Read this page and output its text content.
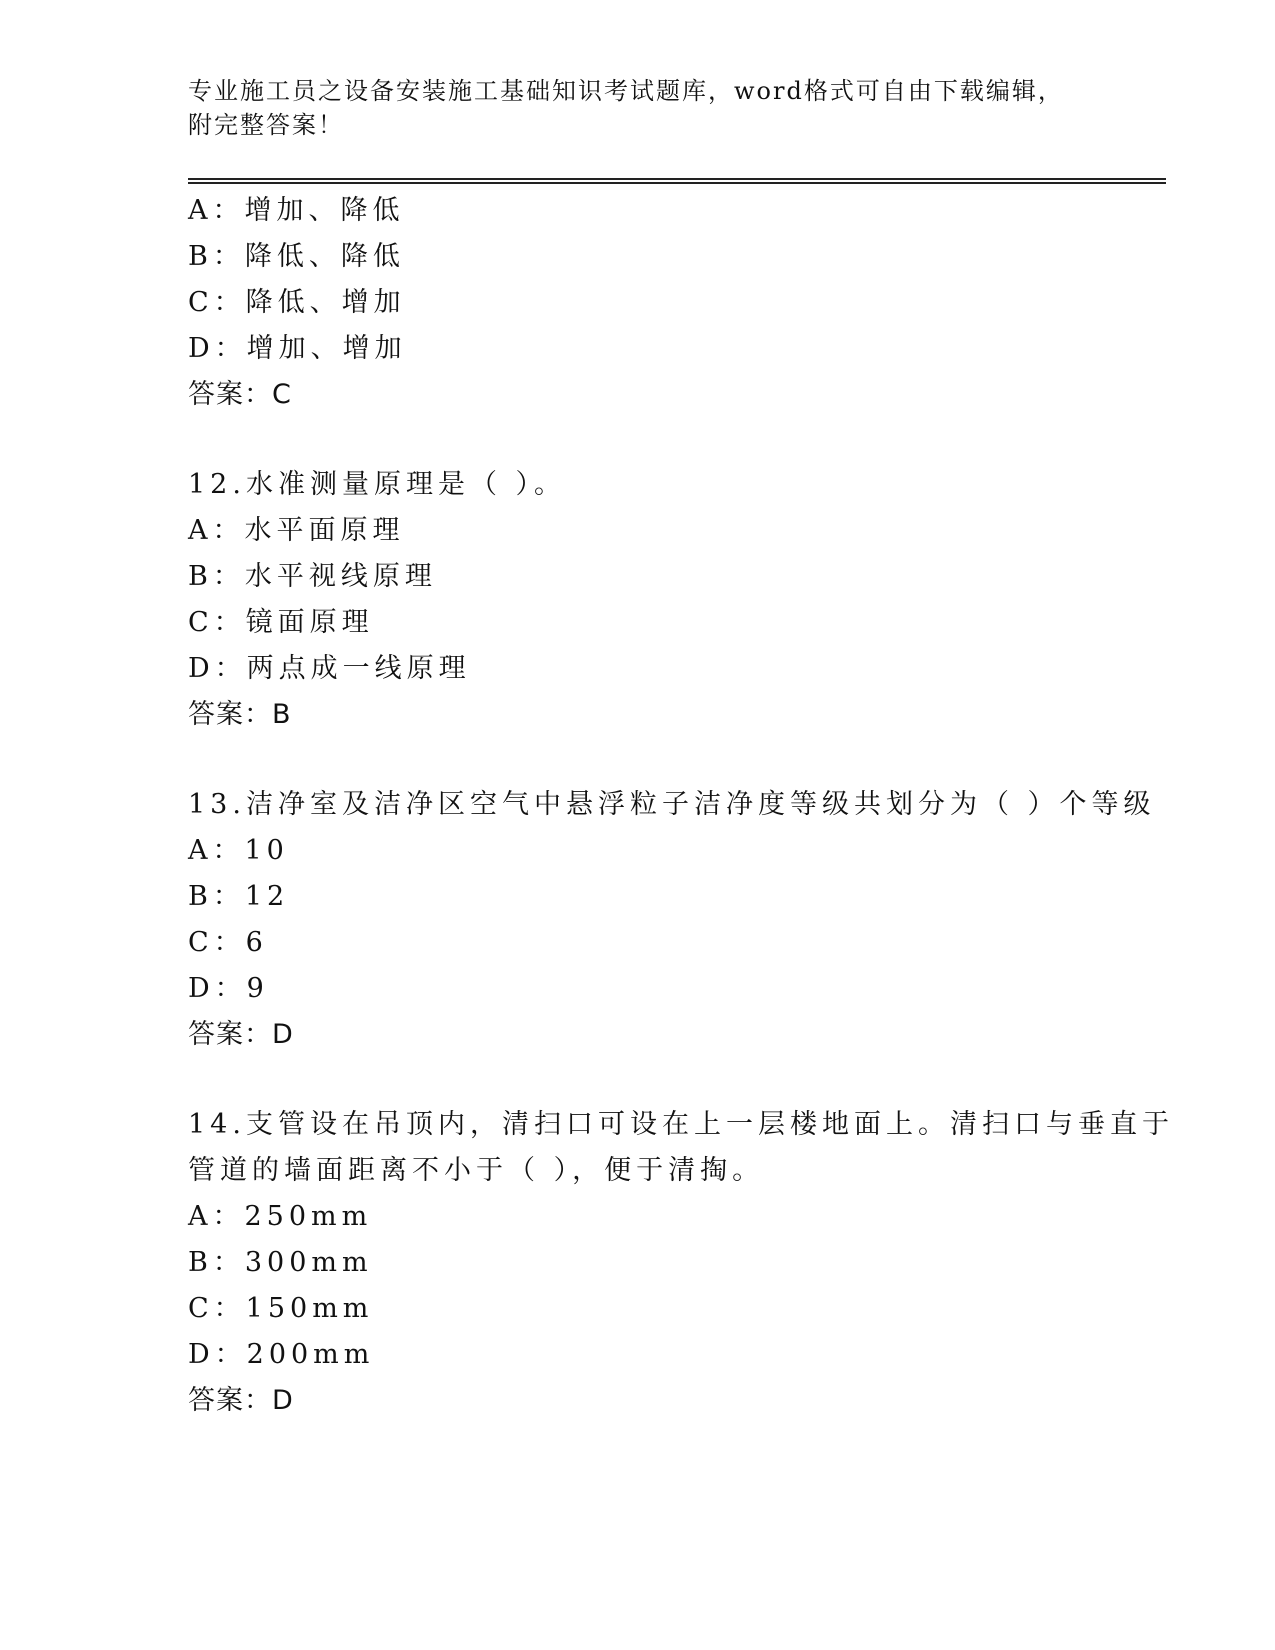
专业施工员之设备安装施工基础知识考试题库，word格式可自由下载编辑，附完整答案！
A：增加、降低
B：降低、降低
C：降低、增加
D：增加、增加
答案：C
12.水准测量原理是（ ）。
A：水平面原理
B：水平视线原理
C：镜面原理
D：两点成一线原理
答案：B
13.洁净室及洁净区空气中悬浮粒子洁净度等级共划分为（ ）个等级
A：10
B：12
C：6
D：9
答案：D
14.支管设在吊顶内，清扫口可设在上一层楼地面上。清扫口与垂直于
管道的墙面距离不小于（ ），便于清掏。
A：250mm
B：300mm
C：150mm
D：200mm
答案：D
